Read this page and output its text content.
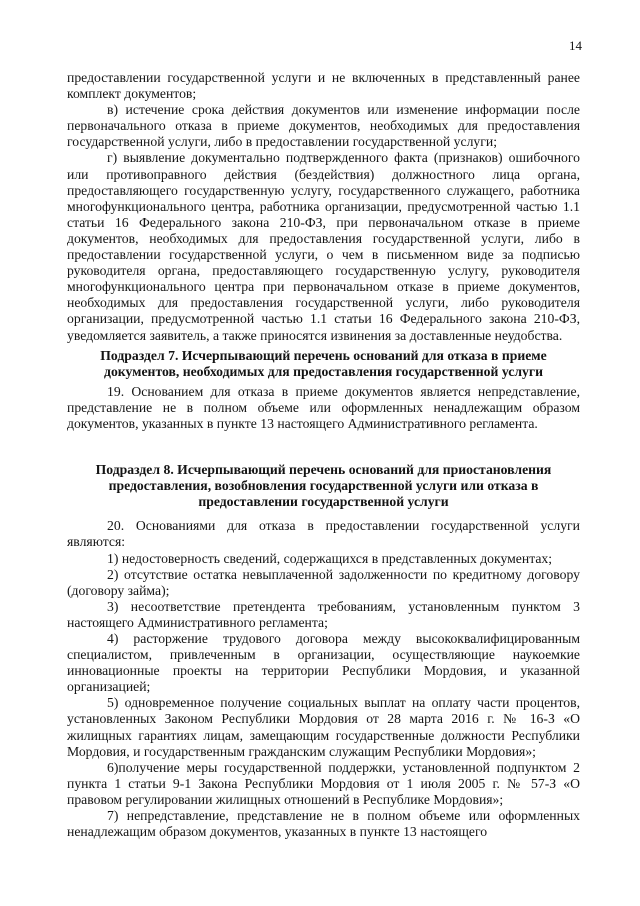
14

предоставлении государственной услуги и не включенных в представленный ранее комплект документов;

в) истечение срока действия документов или изменение информации после первоначального отказа в приеме документов, необходимых для предоставления государственной услуги, либо в предоставлении государственной услуги;

г) выявление документально подтвержденного факта (признаков) ошибочного или противоправного действия (бездействия) должностного лица органа, предоставляющего государственную услугу, государственного служащего, работника многофункционального центра, работника организации, предусмотренной частью 1.1 статьи 16 Федерального закона 210-ФЗ, при первоначальном отказе в приеме документов, необходимых для предоставления государственной услуги, либо в предоставлении государственной услуги, о чем в письменном виде за подписью руководителя органа, предоставляющего государственную услугу, руководителя многофункционального центра при первоначальном отказе в приеме документов, необходимых для предоставления государственной услуги, либо руководителя организации, предусмотренной частью 1.1 статьи 16 Федерального закона 210-ФЗ, уведомляется заявитель, а также приносятся извинения за доставленные неудобства.

Подраздел 7. Исчерпывающий перечень оснований для отказа в приеме документов, необходимых для предоставления государственной услуги

19. Основанием для отказа в приеме документов является непредставление, представление не в полном объеме или оформленных ненадлежащим образом документов, указанных в пункте 13 настоящего Административного регламента.

Подраздел 8. Исчерпывающий перечень оснований для приостановления предоставления, возобновления государственной услуги или отказа в предоставлении государственной услуги

20. Основаниями для отказа в предоставлении государственной услуги являются:

1) недостоверность сведений, содержащихся в представленных документах;

2) отсутствие остатка невыплаченной задолженности по кредитному договору (договору займа);

3) несоответствие претендента требованиям, установленным пунктом 3 настоящего Административного регламента;

4) расторжение трудового договора между высококвалифицированным специалистом, привлеченным в организации, осуществляющие наукоемкие инновационные проекты на территории Республики Мордовия, и указанной организацией;

5) одновременное получение социальных выплат на оплату части процентов, установленных Законом Республики Мордовия от 28 марта 2016 г. № 16-З «О жилищных гарантиях лицам, замещающим государственные должности Республики Мордовия, и государственным гражданским служащим Республики Мордовия»;

6)получение меры государственной поддержки, установленной подпунктом 2 пункта 1 статьи 9-1 Закона Республики Мордовия от 1 июля 2005 г. № 57-З «О правовом регулировании жилищных отношений в Республике Мордовия»;

7) непредставление, представление не в полном объеме или оформленных ненадлежащим образом документов, указанных в пункте 13 настоящего
